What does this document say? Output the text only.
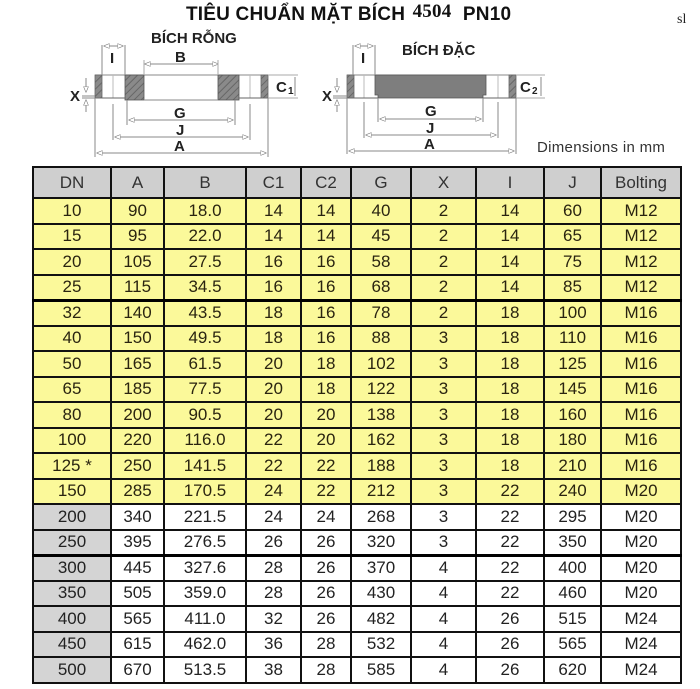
TIÊU CHUẨN MẶT BÍCH 4504 PN10	sl
BÍCH RỖNG
BÍCH ĐẶC
Dimensions in mm
I	B
X
C 1
G
J
A
I
X
C 2
G
J
A
DN	A	B	C1	C2	G	X	I	J	Bolting
10	90	18.0	14	14	40	2	14	60	M12
15	95	22.0	14	14	45	2	14	65	M12
20	105	27.5	16	16	58	2	14	75	M12
25	115	34.5	16	16	68	2	14	85	M12
32	140	43.5	18	16	78	2	18	100	M16
40	150	49.5	18	16	88	3	18	110	M16
50	165	61.5	20	18	102	3	18	125	M16
65	185	77.5	20	18	122	3	18	145	M16
80	200	90.5	20	20	138	3	18	160	M16
100	220	116.0	22	20	162	3	18	180	M16
125 *	250	141.5	22	22	188	3	18	210	M16
150	285	170.5	24	22	212	3	22	240	M20
200	340	221.5	24	24	268	3	22	295	M20
250	395	276.5	26	26	320	3	22	350	M20
300	445	327.6	28	26	370	4	22	400	M20
350	505	359.0	28	26	430	4	22	460	M20
400	565	411.0	32	26	482	4	26	515	M24
450	615	462.0	36	28	532	4	26	565	M24
500	670	513.5	38	28	585	4	26	620	M24
